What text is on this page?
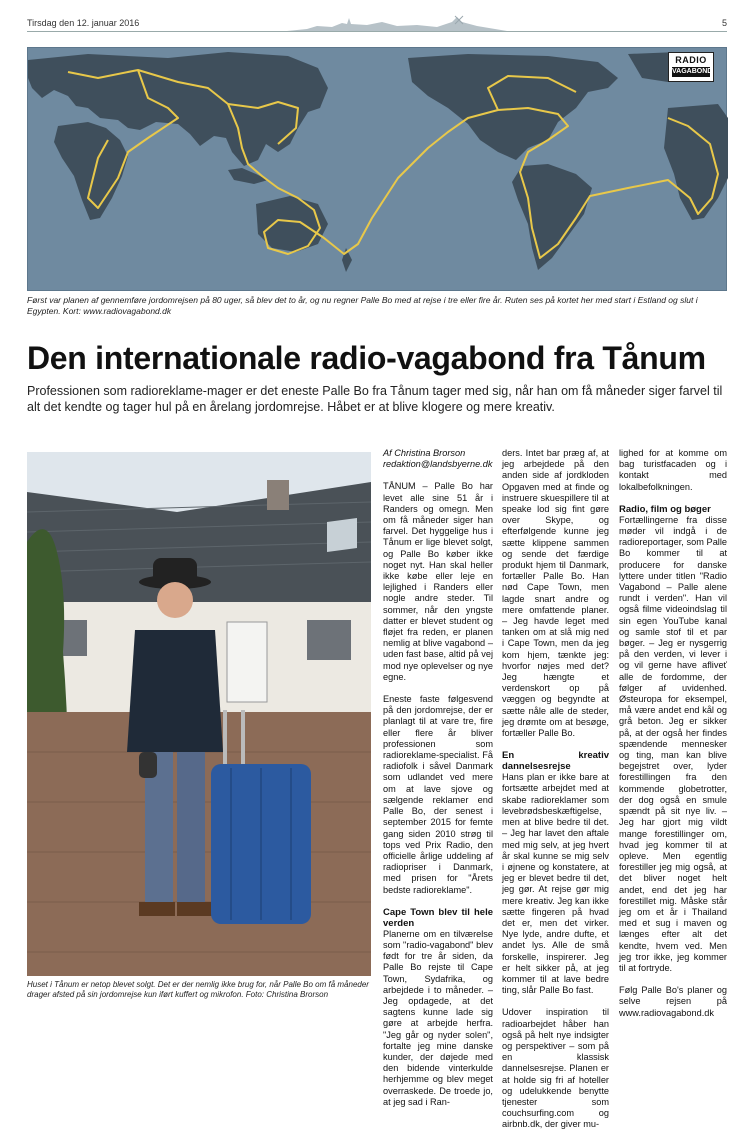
Tirsdag den 12. januar 2016	5
RADIO
VAGABOND
Først var planen af gennemføre jordomrejsen på 80 uger, så blev det to år, og nu regner Palle Bo med at rejse i tre eller fire år. Ruten ses på kortet her med start i Estland og slut i Egypten. Kort: www.radiovagabond.dk
Den internationale radio-vagabond fra Tånum

Professionen som radioreklame-mager er det eneste Palle Bo fra Tånum tager med sig, når han om få måneder siger farvel til alt det kendte og tager hul på en årelang jordomrejse. Håbet er at blive klogere og mere kreativ.

Huset i Tånum er netop blevet solgt. Det er der nemlig ikke brug for, når Palle Bo om få måneder drager afsted på sin jordomrejse kun iført kuffert og mikrofon. Foto: Christina Brorson

Af Christina Brorson

redaktion@landsbyerne.dk

TÅNUM – Palle Bo har levet alle sine 51 år i Randers og omegn. Men om få måneder siger han farvel. Det hyggelige hus i Tånum er lige blevet solgt, og Palle Bo køber ikke noget nyt. Han skal heller ikke købe eller leje en lejlighed i Randers eller nogle andre steder. Til sommer, når den yngste datter er blevet student og fløjet fra reden, er planen nemlig at blive vagabond – uden fast base, altid på vej mod nye oplevelser og nye egne.

Eneste faste følgesvend på den jordomrejse, der er planlagt til at vare tre, fire eller flere år bliver professionen som radioreklame-specialist. Få radiofolk i såvel Danmark som udlandet ved mere om at lave sjove og sælgende reklamer end Palle Bo, der senest i september 2015 for femte gang siden 2010 strøg til tops ved Prix Radio, den officielle årlige uddeling af radiopriser i Danmark, med prisen for "Årets bedste radioreklame".

Cape Town blev til hele verden

Planerne om en tilværelse som "radio-vagabond" blev født for tre år siden, da Palle Bo rejste til Cape Town, Sydafrika, og arbejdede i to måneder. – Jeg opdagede, at det sagtens kunne lade sig gøre at arbejde herfra. "Jeg går og nyder solen", fortalte jeg mine danske kunder, der døjede med den bidende vinterkulde herhjemme og blev meget overraskede. De troede jo, at jeg sad i Ran-

ders. Intet bar præg af, at jeg arbejdede på den anden side af jordkloden Opgaven med at finde og instruere skuespillere til at speake lod sig fint gøre over Skype, og efterfølgende kunne jeg sætte klippene sammen og sende det færdige produkt hjem til Danmark, fortæller Palle Bo. Han nød Cape Town, men lagde snart andre og mere omfattende planer. – Jeg havde leget med tanken om at slå mig ned i Cape Town, men da jeg kom hjem, tænkte jeg: hvorfor nøjes med det? Jeg hængte et verdenskort op på væggen og begyndte at sætte nåle alle de steder, jeg drømte om at besøge, fortæller Palle Bo.

En kreativ dannelsesrejse

Hans plan er ikke bare at fortsætte arbejdet med at skabe radioreklamer som levebrødsbeskæftigelse, men at blive bedre til det. – Jeg har lavet den aftale med mig selv, at jeg hvert år skal kunne se mig selv i øjnene og konstatere, at jeg er blevet bedre til det, jeg gør. At rejse gør mig mere kreativ. Jeg kan ikke sætte fingeren på hvad det er, men det virker. Nye lyde, andre dufte, et andet lys. Alle de små forskelle, inspirerer. Jeg er helt sikker på, at jeg kommer til at lave bedre ting, slår Palle Bo fast.

Udover inspiration til radioarbejdet håber han også på helt nye indsigter og perspektiver – som på en klassisk dannelsesrejse. Planen er at holde sig fri af hoteller og udelukkende benytte tjenester som couchsurfing.com og airbnb.dk, der giver mu-

lighed for at komme om bag turistfacaden og i kontakt med lokalbefolkningen.

Radio, film og bøger

Fortællingerne fra disse møder vil indgå i de radioreportager, som Palle Bo kommer til at producere for danske lyttere under titlen "Radio Vagabond – Palle alene rundt i verden". Han vil også filme videoindslag til sin egen YouTube kanal og samle stof til et par bøger. – Jeg er nysgerrig på den verden, vi lever i og vil gerne have afliveť alle de fordomme, der følger af uvidenhed. Østeuropa for eksempel, må være andet end kål og grå beton. Jeg er sikker på, at der også her findes spændende mennesker og ting, man kan blive begejstret over, lyder forestillingen fra den kommende globetrotter, der dog også en smule spændt på sit nye liv. – Jeg har gjort mig vildt mange forestillinger om, hvad jeg kommer til at opleve. Men egentlig forestiller jeg mig også, at det bliver noget helt andet, end det jeg har forestillet mig. Måske står jeg om et år i Thailand med et sug i maven og længes efter alt det kendte, hvem ved. Men jeg tror ikke, jeg kommer til at fortryde.

Følg Palle Bo's planer og selve rejsen på www.radiovagabond.dk
